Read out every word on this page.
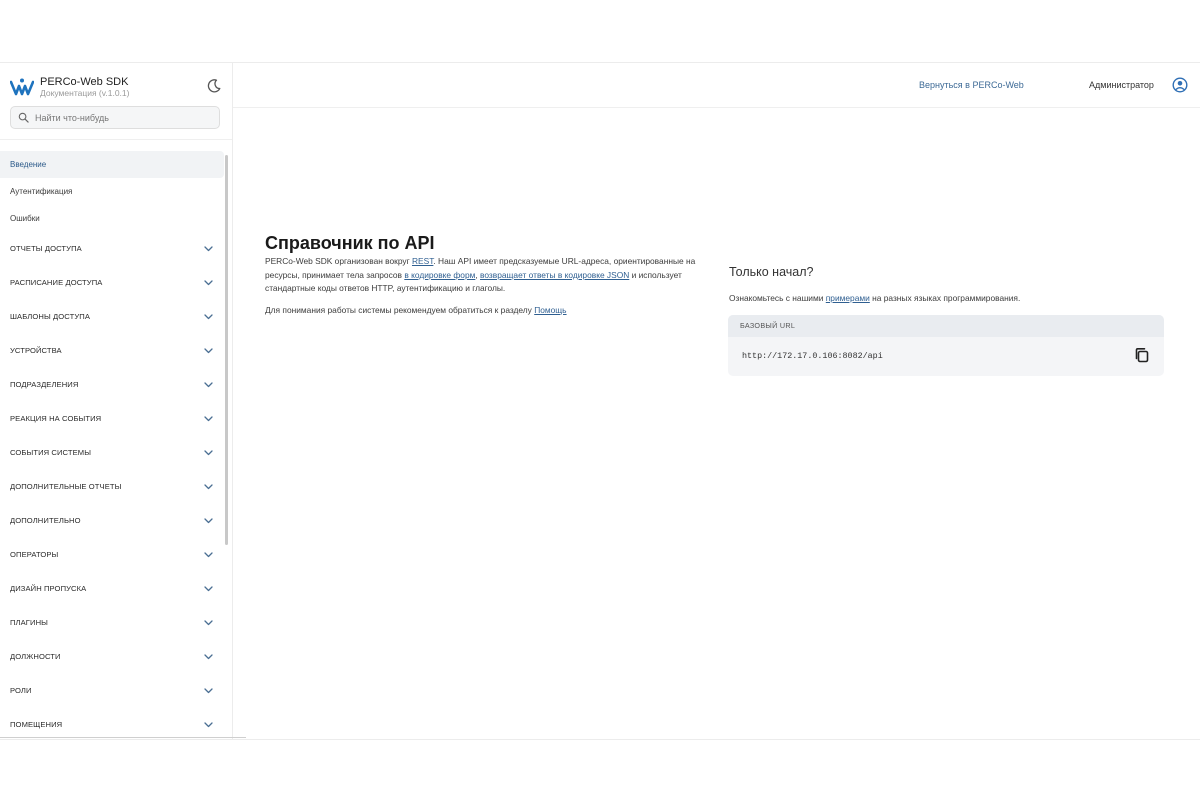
PERCo-Web SDK
Документация (v.1.0.1)
Найти что-нибудь
Введение
Аутентификация
Ошибки
ОТЧЕТЫ ДОСТУПА
РАСПИСАНИЕ ДОСТУПА
ШАБЛОНЫ ДОСТУПА
УСТРОЙСТВА
ПОДРАЗДЕЛЕНИЯ
РЕАКЦИЯ НА СОБЫТИЯ
СОБЫТИЯ СИСТЕМЫ
ДОПОЛНИТЕЛЬНЫЕ ОТЧЕТЫ
ДОПОЛНИТЕЛЬНО
ОПЕРАТОРЫ
ДИЗАЙН ПРОПУСКА
ПЛАГИНЫ
ДОЛЖНОСТИ
РОЛИ
ПОМЕЩЕНИЯ
Вернуться в PERCo-Web	Администратор
Справочник по API

PERCo-Web SDK организован вокруг REST. Наш API имеет предсказуемые URL-адреса, ориентированные на ресурсы, принимает тела запросов в кодировке форм, возвращает ответы в кодировке JSON и использует стандартные коды ответов HTTP, аутентификацию и глаголы.

Для понимания работы системы рекомендуем обратиться к разделу Помощь

Только начал?
Ознакомьтесь с нашими примерами на разных языках программирования.
БАЗОВЫЙ URL
http://172.17.0.106:8082/api
